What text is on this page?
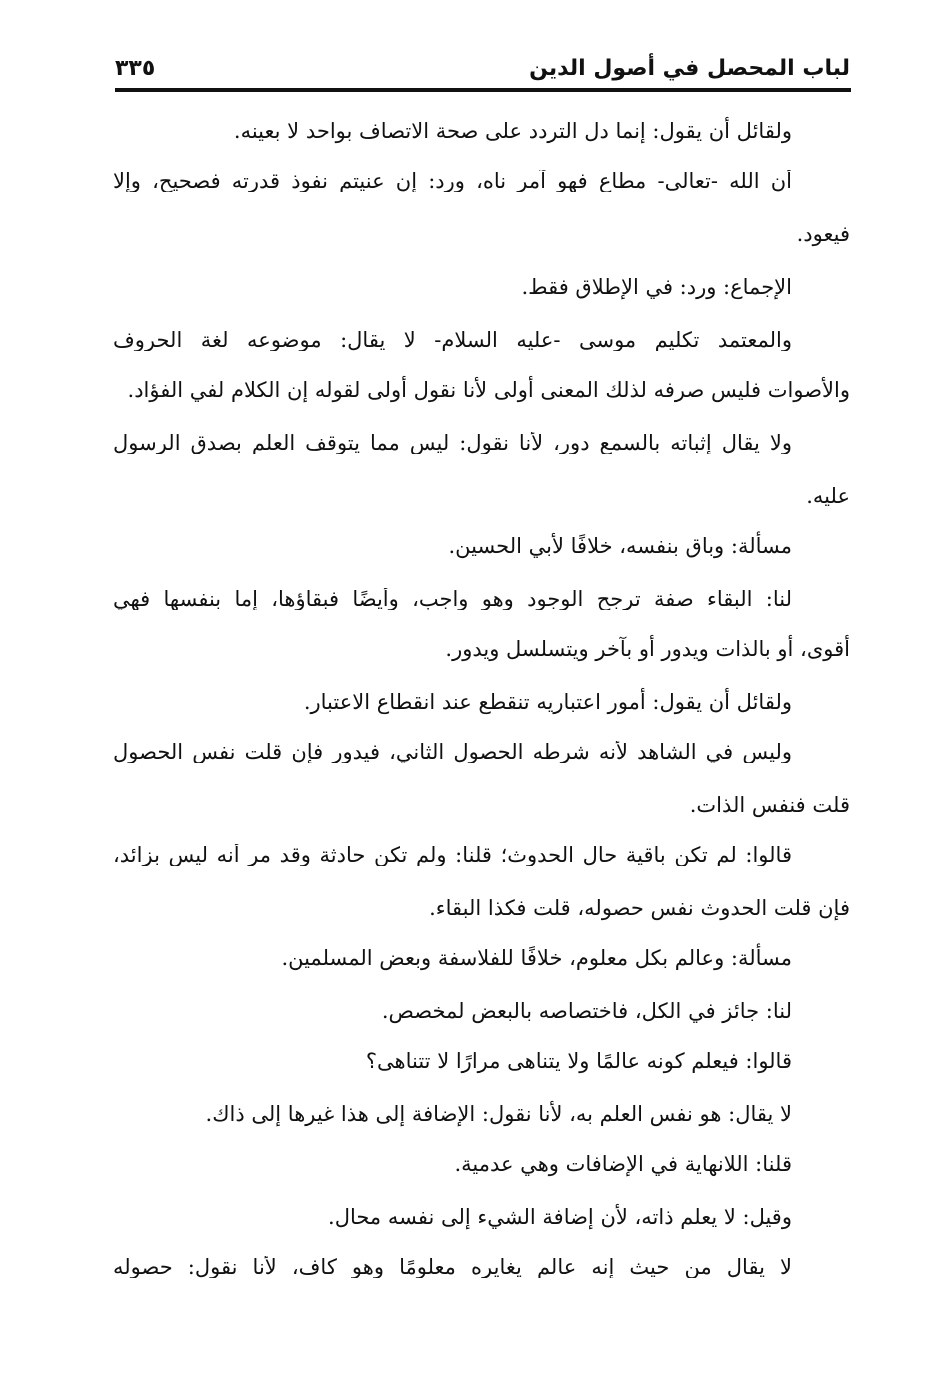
لباب المحصل في أصول الدين
٣٣٥
ولقائل أن يقول: إنما دل التردد على صحة الاتصاف بواحد لا بعينه.
أن الله -تعالى- مطاع فهو آمر ناه، ورد: إن عنيتم نفوذ قدرته فصحيح، وإلا
فيعود.
الإجماع: ورد: في الإطلاق فقط.
والمعتمد تكليم موسى -عليه السلام- لا يقال: موضوعه لغة الحروف
والأصوات فليس صرفه لذلك المعنى أولى لأنا نقول أولى لقوله إن الكلام لفي الفؤاد.
ولا يقال إثباته بالسمع دور، لأنا نقول: ليس مما يتوقف العلم بصدق الرسول
عليه.
مسألة: وباق بنفسه، خلافًا لأبي الحسين.
لنا: البقاء صفة ترجح الوجود وهو واجب، وأيضًا فبقاؤها، إما بنفسها فهي
أقوى، أو بالذات ويدور أو بآخر ويتسلسل ويدور.
ولقائل أن يقول: أمور اعتباريه تنقطع عند انقطاع الاعتبار.
وليس في الشاهد لأنه شرطه الحصول الثاني، فيدور فإن قلت نفس الحصول
قلت فنفس الذات.
قالوا: لم تكن باقية حال الحدوث؛ قلنا: ولم تكن حادثة وقد مر أنه ليس بزائد،
فإن قلت الحدوث نفس حصوله، قلت فكذا البقاء.
مسألة: وعالم بكل معلوم، خلافًا للفلاسفة وبعض المسلمين.
لنا: جائز في الكل، فاختصاصه بالبعض لمخصص.
قالوا: فيعلم كونه عالمًا ولا يتناهى مرارًا لا تتناهى؟
لا يقال: هو نفس العلم به، لأنا نقول: الإضافة إلى هذا غيرها إلى ذاك.
قلنا: اللانهاية في الإضافات وهي عدمية.
وقيل: لا يعلم ذاته، لأن إضافة الشيء إلى نفسه محال.
لا يقال من حيث إنه عالم يغايره معلومًا وهو كاف، لأنا نقول: حصوله
